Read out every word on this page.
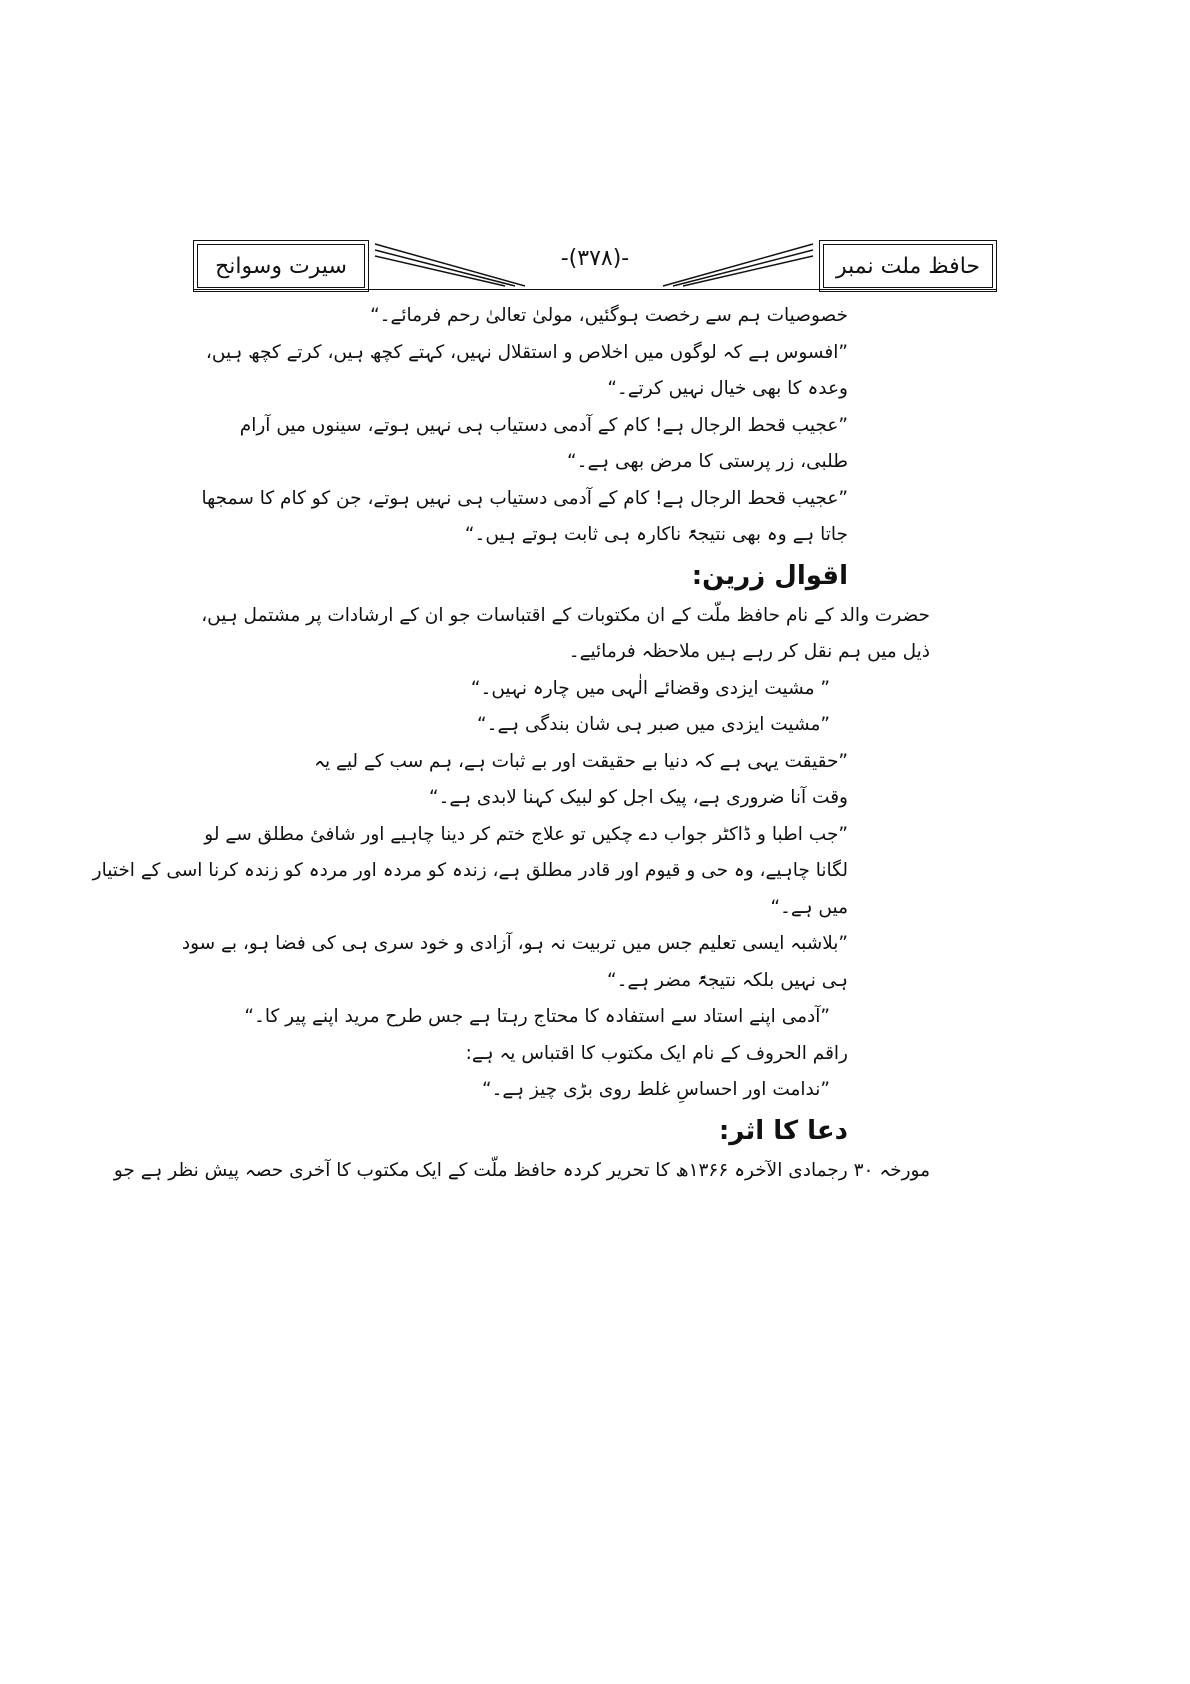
حافظ ملت نمبر
-(۳۷۸)-
سیرت وسوانح
خصوصیات ہم سے رخصت ہوگئیں، مولیٰ تعالیٰ رحم فرمائے۔“
”افسوس ہے کہ لوگوں میں اخلاص و استقلال نہیں، کہتے کچھ ہیں، کرتے کچھ ہیں،
وعدہ کا بھی خیال نہیں کرتے۔“
”عجیب قحط الرجال ہے! کام کے آدمی دستیاب ہی نہیں ہوتے، سینوں میں آرام
طلبی، زر پرستی کا مرض بھی ہے۔“
”عجیب قحط الرجال ہے! کام کے آدمی دستیاب ہی نہیں ہوتے، جن کو کام کا سمجھا
جاتا ہے وہ بھی نتیجۃً ناکارہ ہی ثابت ہوتے ہیں۔“
اقوال زرین:
حضرت والد کے نام حافظ ملّت کے ان مکتوبات کے اقتباسات جو ان کے ارشادات پر مشتمل ہیں،
ذیل میں ہم نقل کر رہے ہیں ملاحظہ فرمائیے۔
” مشیت ایزدی وقضائے الٰہی میں چارہ نہیں۔“
”مشیت ایزدی میں صبر ہی شان بندگی ہے۔“
”حقیقت یہی ہے کہ دنیا بے حقیقت اور بے ثبات ہے، ہم سب کے لیے یہ
وقت آنا ضروری ہے، پیک اجل کو لبیک کہنا لابدی ہے۔“
”جب اطبا و ڈاکٹر جواب دے چکیں تو علاج ختم کر دینا چاہیے اور شافیٔ مطلق سے لو
لگانا چاہیے، وہ حی و قیوم اور قادر مطلق ہے، زندہ کو مردہ اور مردہ کو زندہ کرنا اسی کے اختیار
میں ہے۔“
”بلاشبہ ایسی تعلیم جس میں تربیت نہ ہو، آزادی و خود سری ہی کی فضا ہو، بے سود
ہی نہیں بلکہ نتیجۃً مضر ہے۔“
”آدمی اپنے استاد سے استفادہ کا محتاج رہتا ہے جس طرح مرید اپنے پیر کا۔“
راقم الحروف کے نام ایک مکتوب کا اقتباس یہ ہے:
”ندامت اور احساسِ غلط روی بڑی چیز ہے۔“
دعا کا اثر:
مورخہ ۳۰ رجمادی الآخرہ ۱۳۶۶ھ کا تحریر کردہ حافظ ملّت کے ایک مکتوب کا آخری حصہ پیش نظر ہے جو
